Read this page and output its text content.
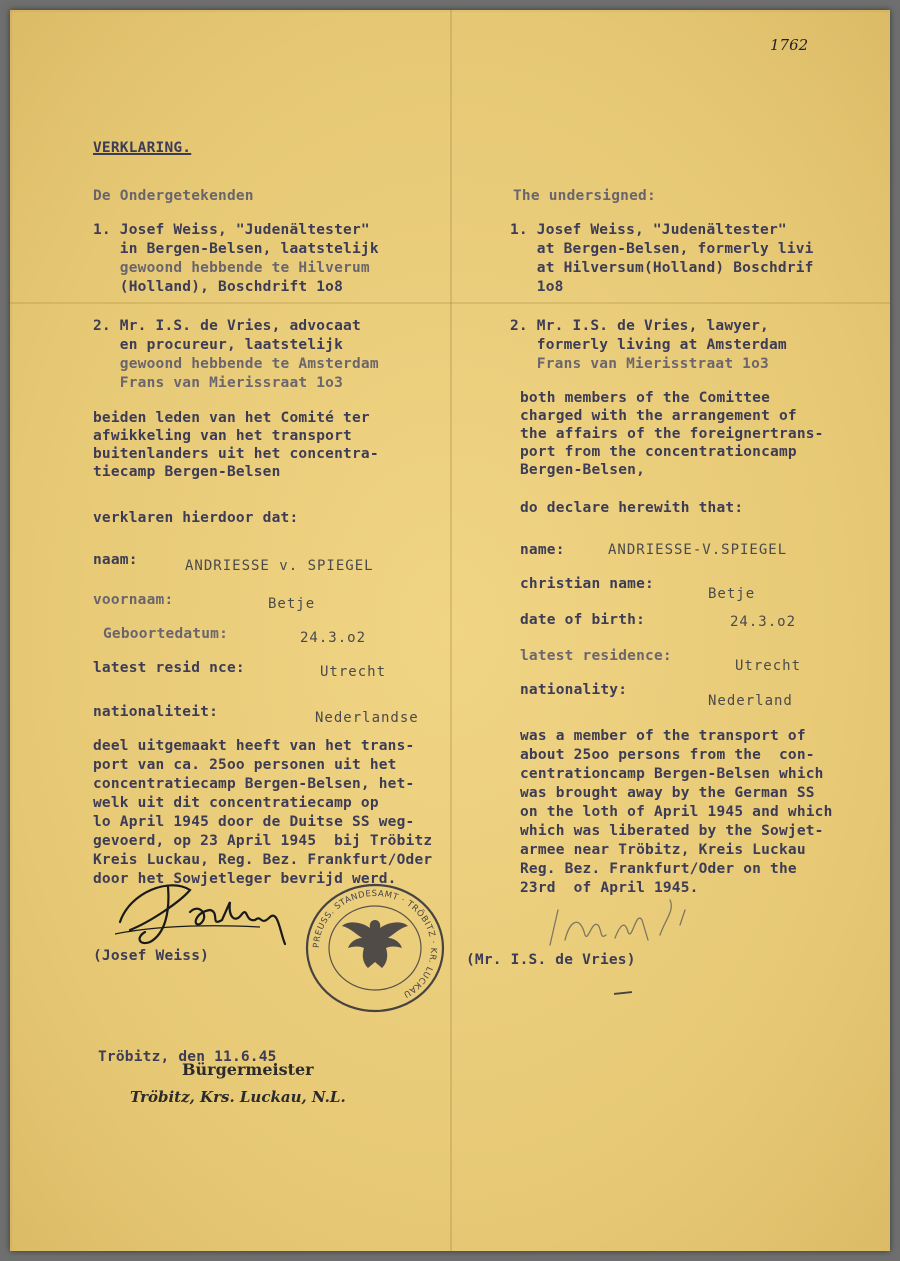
1762
VERKLARING.
De Ondergetekenden
1. Josef Weiss, "Judenältester"
in Bergen-Belsen, laatstelijk
gewoond hebbende te Hilverum
(Holland), Boschdrift 1o8
2. Mr. I.S. de Vries, advocaat
en procureur, laatstelijk
gewoond hebbende te Amsterdam
Frans van Mierissraat 1o3
beiden leden van het Comité ter
afwikkeling van het transport
buitenlanders uit het concentra-
tiecamp Bergen-Belsen
verklaren hierdoor dat:
naam:	ANDRIESSE v. SPIEGEL
voornaam:	Betje
Geboortedatum:	24.3.o2
latest resid nce:	Utrecht
nationaliteit:	Nederlandse
deel uitgemaakt heeft van het trans-
port van ca. 25oo personen uit het
concentratiecamp Bergen-Belsen, het-
welk uit dit concentratiecamp op
lo April 1945 door de Duitse SS weg-
gevoerd, op 23 April 1945  bij Tröbitz
Kreis Luckau, Reg. Bez. Frankfurt/Oder
door het Sowjetleger bevrijd werd.
The undersigned:
1. Josef Weiss, "Judenältester"
at Bergen-Belsen, formerly livi
at Hilversum(Holland) Boschdrif
1o8
2. Mr. I.S. de Vries, lawyer,
formerly living at Amsterdam
Frans van Mierisstraat 1o3
both members of the Comittee
charged with the arrangement of
the affairs of the foreignertrans-
port from the concentrationcamp
Bergen-Belsen,
do declare herewith that:
name:	ANDRIESSE-V.SPIEGEL
christian name:
Betje
date of birth:	24.3.o2
latest residence:
Utrecht
nationality:
Nederland
was a member of the transport of
about 25oo persons from the  con-
centrationcamp Bergen-Belsen which
was brought away by the German SS
on the loth of April 1945 and which
which was liberated by the Sowjet-
armee near Tröbitz, Kreis Luckau
Reg. Bez. Frankfurt/Oder on the
23rd  of April 1945.
(Josef Weiss)	(Mr. I.S. de Vries)
PREUSS. STANDESAMT · TRÖBITZ · KR. LUCKAU
Tröbitz, den 11.6.45
Bürgermeister
Tröbitz, Krs. Luckau, N.L.
